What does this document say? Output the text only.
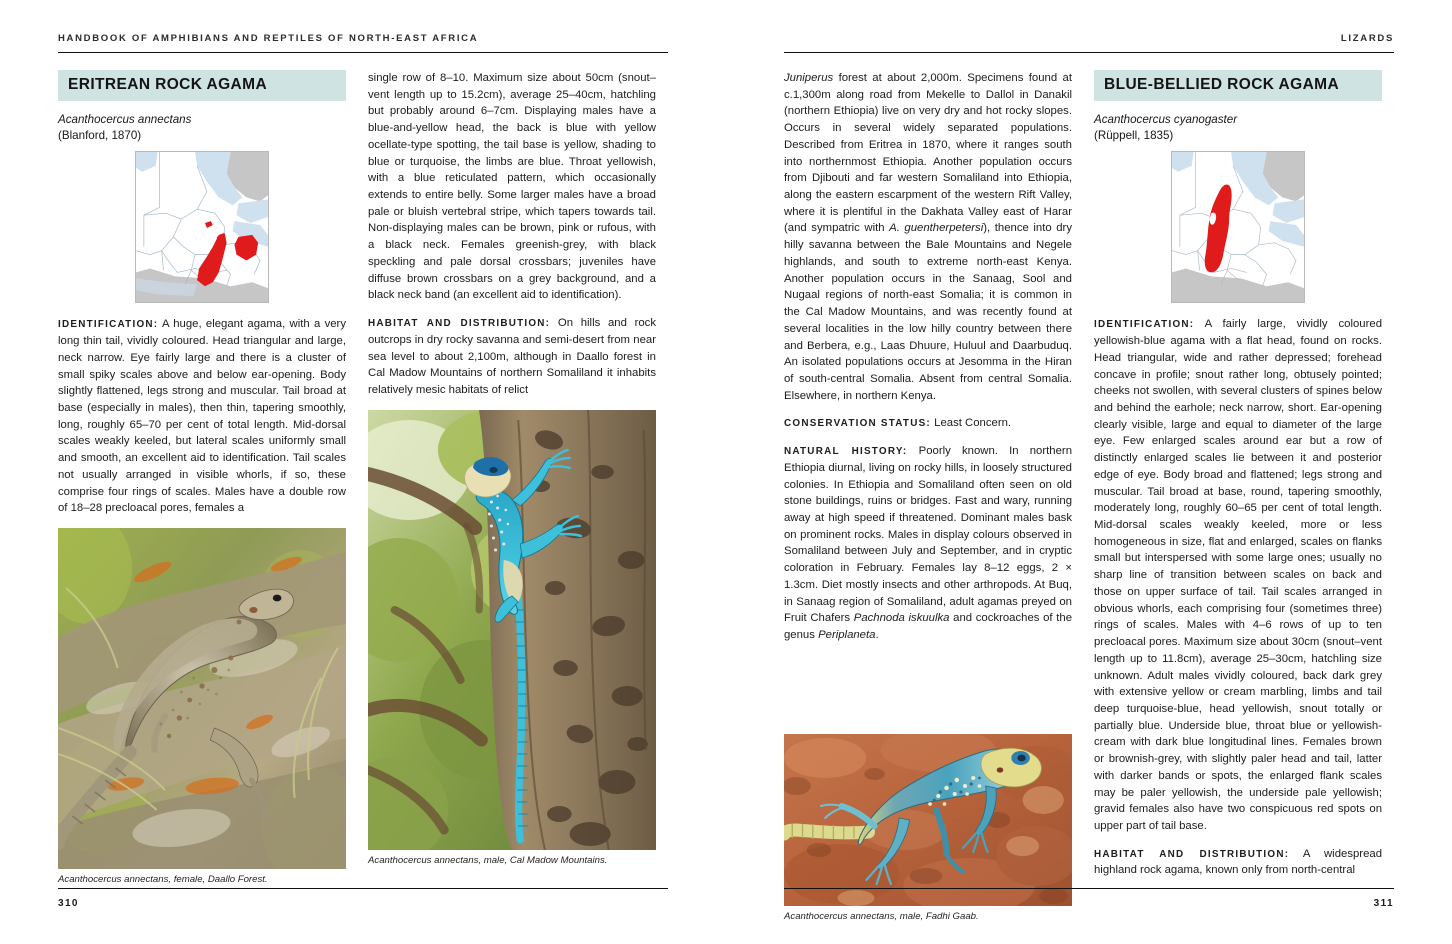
HANDBOOK OF AMPHIBIANS AND REPTILES OF NORTH-EAST AFRICA
ERITREAN ROCK AGAMA
Acanthocercus annectans
(Blanford, 1870)

IDENTIFICATION: A huge, elegant agama, with a very long thin tail, vividly coloured. Head triangular and large, neck narrow. Eye fairly large and there is a cluster of small spiky scales above and below ear-opening. Body slightly flattened, legs strong and muscular. Tail broad at base (especially in males), then thin, tapering smoothly, long, roughly 65–70 per cent of total length. Mid-dorsal scales weakly keeled, but lateral scales uniformly small and smooth, an excellent aid to identification. Tail scales not usually arranged in visible whorls, if so, these comprise four rings of scales. Males have a double row of 18–28 precloacal pores, females a

Acanthocercus annectans, female, Daallo Forest.

single row of 8–10. Maximum size about 50cm (snout–vent length up to 15.2cm), average 25–40cm, hatchling but probably around 6–7cm. Displaying males have a blue-and-yellow head, the back is blue with yellow ocellate-type spotting, the tail base is yellow, shading to blue or turquoise, the limbs are blue. Throat yellowish, with a blue reticulated pattern, which occasionally extends to entire belly. Some larger males have a broad pale or bluish vertebral stripe, which tapers towards tail. Non-displaying males can be brown, pink or rufous, with a black neck. Females greenish-grey, with black speckling and pale dorsal crossbars; juveniles have diffuse brown crossbars on a grey background, and a black neck band (an excellent aid to identification).

HABITAT AND DISTRIBUTION: On hills and rock outcrops in dry rocky savanna and semi-desert from near sea level to about 2,100m, although in Daallo forest in Cal Madow Mountains of northern Somaliland it inhabits relatively mesic habitats of relict

Acanthocercus annectans, male, Cal Madow Mountains.
310
LIZARDS

Juniperus forest at about 2,000m. Specimens found at c.1,300m along road from Mekelle to Dallol in Danakil (northern Ethiopia) live on very dry and hot rocky slopes. Occurs in several widely separated populations. Described from Eritrea in 1870, where it ranges south into northernmost Ethiopia. Another population occurs from Djibouti and far western Somaliland into Ethiopia, along the eastern escarpment of the western Rift Valley, where it is plentiful in the Dakhata Valley east of Harar (and sympatric with A. guentherpetersi), thence into dry hilly savanna between the Bale Mountains and Negele highlands, and south to extreme north-east Kenya. Another population occurs in the Sanaag, Sool and Nugaal regions of north-east Somalia; it is common in the Cal Madow Mountains, and was recently found at several localities in the low hilly country between there and Berbera, e.g., Laas Dhuure, Huluul and Daarbuduq. An isolated populations occurs at Jesomma in the Hiran of south-central Somalia. Absent from central Somalia. Elsewhere, in northern Kenya.

CONSERVATION STATUS: Least Concern.

NATURAL HISTORY: Poorly known. In northern Ethiopia diurnal, living on rocky hills, in loosely structured colonies. In Ethiopia and Somaliland often seen on old stone buildings, ruins or bridges. Fast and wary, running away at high speed if threatened. Dominant males bask on prominent rocks. Males in display colours observed in Somaliland between July and September, and in cryptic coloration in February. Females lay 8–12 eggs, 2 × 1.3cm. Diet mostly insects and other arthropods. At Buq, in Sanaag region of Somaliland, adult agamas preyed on Fruit Chafers Pachnoda iskuulka and cockroaches of the genus Periplaneta.

Acanthocercus annectans, male, Fadhi Gaab.
BLUE-BELLIED ROCK AGAMA
Acanthocercus cyanogaster
(Rüppell, 1835)

IDENTIFICATION: A fairly large, vividly coloured yellowish-blue agama with a flat head, found on rocks. Head triangular, wide and rather depressed; forehead concave in profile; snout rather long, obtusely pointed; cheeks not swollen, with several clusters of spines below and behind the earhole; neck narrow, short. Ear-opening clearly visible, large and equal to diameter of the large eye. Few enlarged scales around ear but a row of distinctly enlarged scales lie between it and posterior edge of eye. Body broad and flattened; legs strong and muscular. Tail broad at base, round, tapering smoothly, moderately long, roughly 60–65 per cent of total length. Mid-dorsal scales weakly keeled, more or less homogeneous in size, flat and enlarged, scales on flanks small but interspersed with some large ones; usually no sharp line of transition between scales on back and those on upper surface of tail. Tail scales arranged in obvious whorls, each comprising four (sometimes three) rings of scales. Males with 4–6 rows of up to ten precloacal pores. Maximum size about 30cm (snout–vent length up to 11.8cm), average 25–30cm, hatchling size unknown. Adult males vividly coloured, back dark grey with extensive yellow or cream marbling, limbs and tail deep turquoise-blue, head yellowish, snout totally or partially blue. Underside blue, throat blue or yellowish-cream with dark blue longitudinal lines. Females brown or brownish-grey, with slightly paler head and tail, latter with darker bands or spots, the enlarged flank scales may be paler yellowish, the underside pale yellowish; gravid females also have two conspicuous red spots on upper part of tail base.

HABITAT AND DISTRIBUTION: A widespread highland rock agama, known only from north-central

311
